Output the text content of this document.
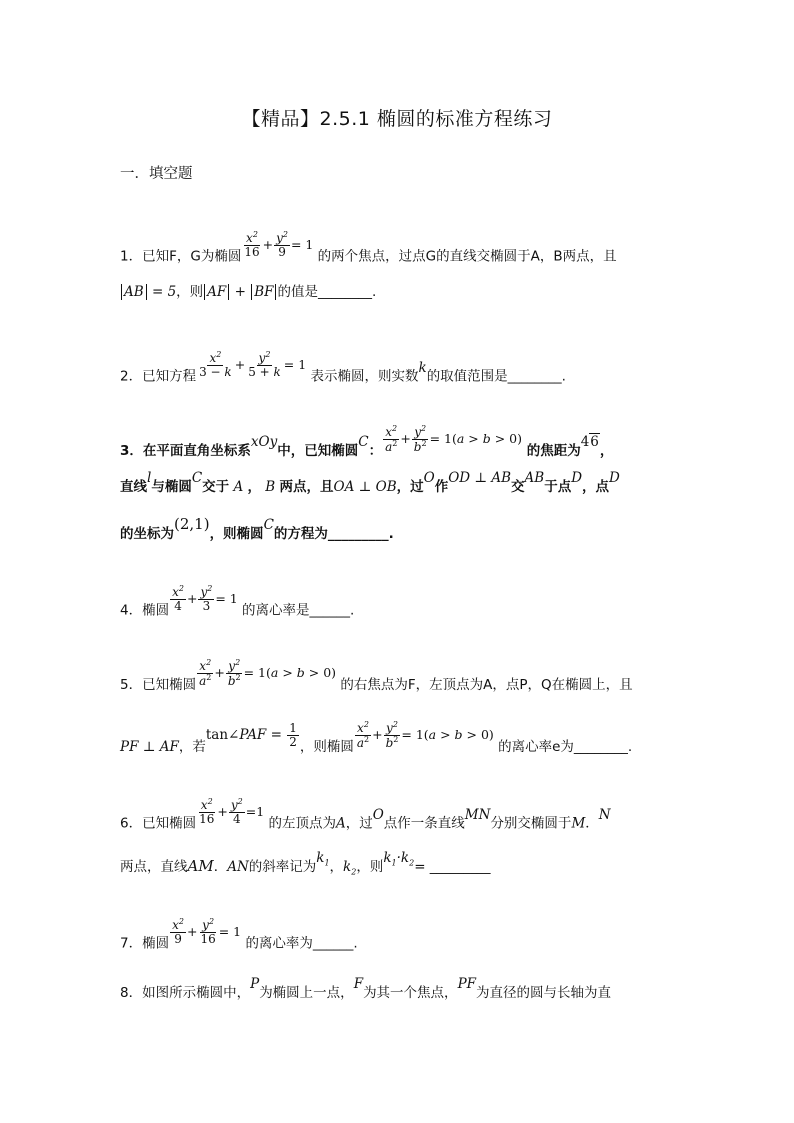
【精品】2.5.1 椭圆的标准方程练习
一．填空题
1．已知F，G为椭圆 $\frac{x^2}{16} + \frac{y^2}{9} = 1$ 的两个焦点，过点G的直线交椭圆于A，B两点，且
AB = 5，则 AF + BF 的值是________.
2．已知方程 $\frac{x^2}{3 - k} + \frac{y^2}{5 + k} = 1$ 表示椭圆，则实数k的取值范围是________.
3．在平面直角坐标系xOy中，已知椭圆C： $\frac{x^2}{a^2} + \frac{y^2}{b^2} = 1(a > b > 0)$ 的焦距为46，
直线l与椭圆C交于 A ， B 两点，且OA ⊥ OB，过O作OD ⊥ AB交AB于点D，点D
的坐标为(2,1)，则椭圆C的方程为_________.
4．椭圆 $\frac{x^2}{4} + \frac{y^2}{3} = 1$ 的离心率是______.
5．已知椭圆 $\frac{x^2}{a^2} + \frac{y^2}{b^2} = 1(a > b > 0)$ 的右焦点为F，左顶点为A，点P，Q在椭圆上，且
PF ⊥ AF，若tan∠PAF = $\frac{1}{2}$ ，则椭圆 $\frac{x^2}{a^2} + \frac{y^2}{b^2} = 1(a > b > 0)$ 的离心率e为________.
6．已知椭圆 $\frac{x^2}{16} + \frac{y^2}{4} =1$ 的左顶点为A，过O点作一条直线MN分别交椭圆于M．N
两点，直线AM．AN的斜率记为$k_1$，$k_2$，则$k_1\cdot k_2=$ _________
7．椭圆 $\frac{x^2}{9} + \frac{y^2}{16} = 1$ 的离心率为______.
8．如图所示椭圆中，P为椭圆上一点，F为其一个焦点，PF为直径的圆与长轴为直
